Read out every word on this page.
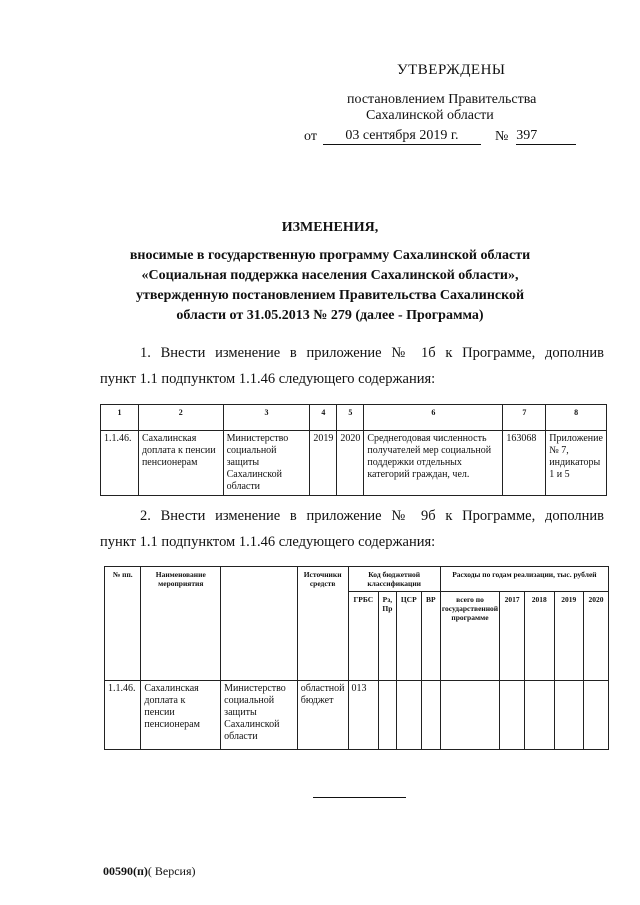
УТВЕРЖДЕНЫ
постановлением Правительства
Сахалинской области
от	03 сентября 2019 г.	№ 397
ИЗМЕНЕНИЯ,
вносимые в государственную программу Сахалинской области
«Социальная поддержка населения Сахалинской области»,
утвержденную постановлением Правительства Сахалинской
области от 31.05.2013 № 279 (далее - Программа)
1. Внести изменение в приложение № 1б к Программе, дополнив
пункт 1.1 подпунктом 1.1.46 следующего содержания:
1	2	3	4	5	6	7	8
1.1.46.	Сахалинская доплата к пенсии пенсионерам	Министерство социальной защиты Сахалинской области	2019	2020	Среднегодовая численность получателей мер социальной поддержки отдельных категорий граждан, чел.	163068	Приложение № 7, индикаторы 1 и 5
2. Внести изменение в приложение № 9б к Программе, дополнив
пункт 1.1 подпунктом 1.1.46 следующего содержания:
№ пп.	Наименование мероприятия		Источники средств	Код бюджетной классификации				Расходы по годам реализации, тыс. рублей				
				ГРБС	Рз, Пр	ЦСР	ВР	всего по государственной программе	2017	2018	2019	2020
1.1.46.	Сахалинская доплата к пенсии пенсионерам	Министерство социальной защиты Сахалинской области	областной бюджет	013								
00590(п)( Версия)
